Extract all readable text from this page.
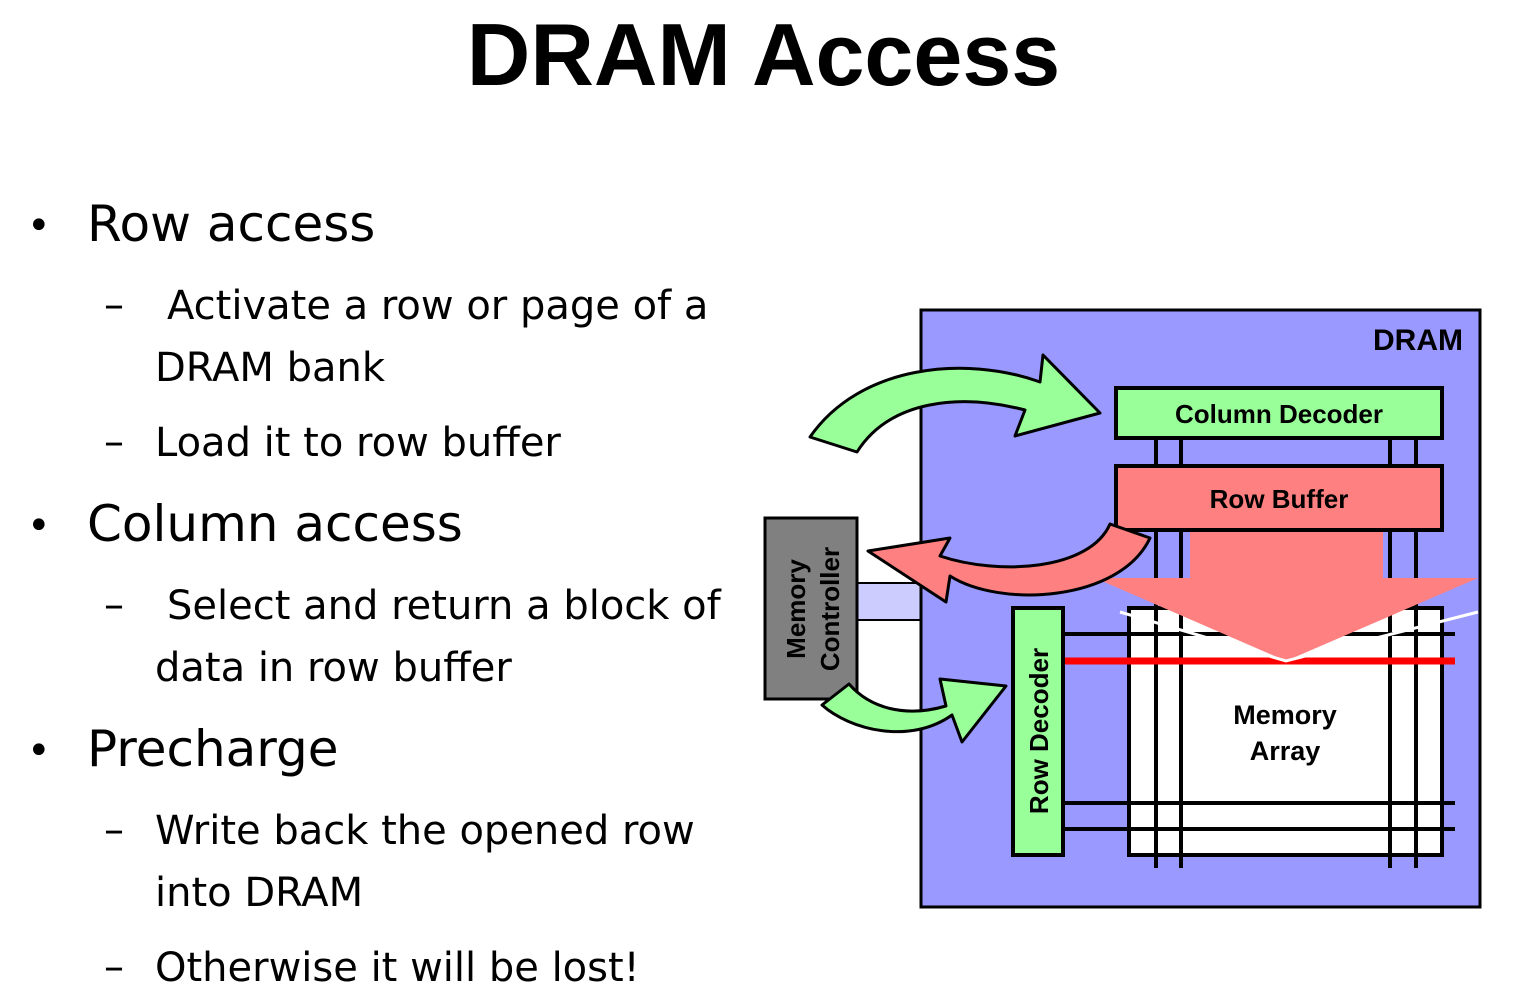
DRAM Access
• Row access
– Activate a row or page of a
DRAM bank
– Load it to row buffer
• Column access
– Select and return a block of
data in row buffer
• Precharge
– Write back the opened row
into DRAM
– Otherwise it will be lost!
DRAM
Column Decoder
Row Buffer
Memory
Array
Row Decoder
Memory Controller
